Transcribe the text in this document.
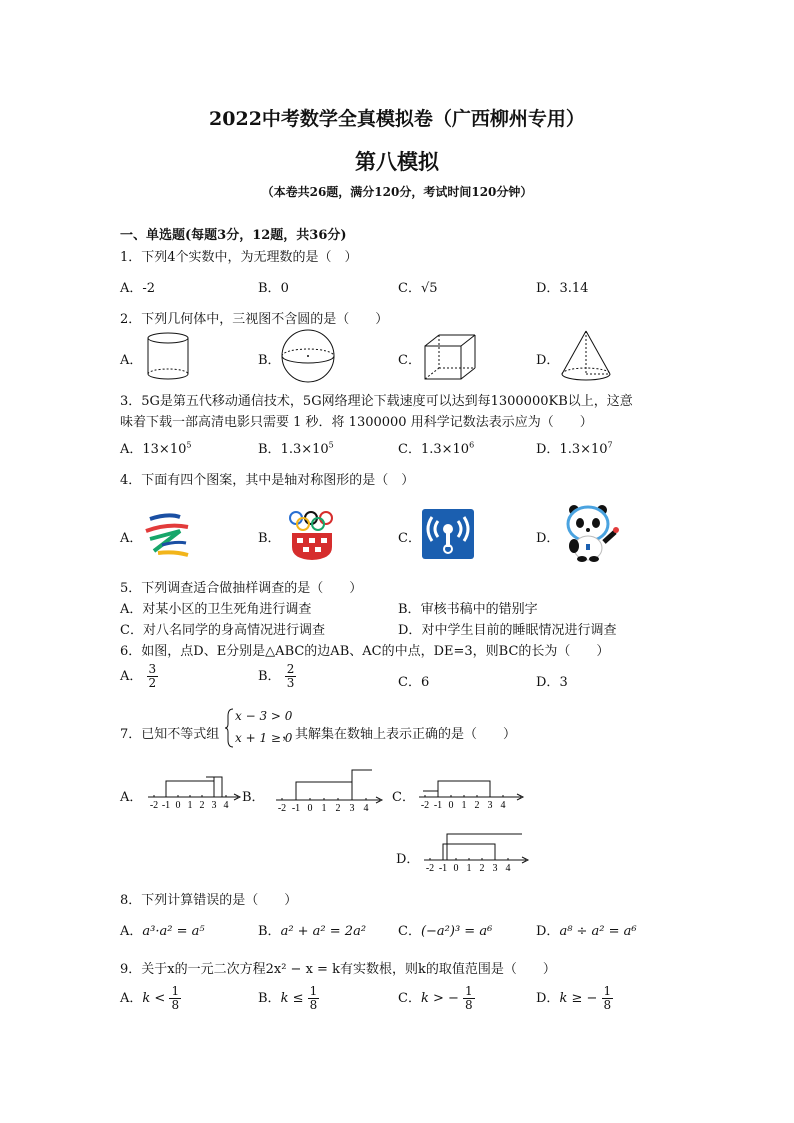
2022中考数学全真模拟卷（广西柳州专用）
第八模拟
（本卷共26题，满分120分，考试时间120分钟）
一、单选题(每题3分，12题，共36分)
1．下列4个实数中，为无理数的是（　）
A．-2	B．0	C．√5	D．3.14
2．下列几何体中，三视图不含圆的是（　　）
A．	B．	C．	D．
3．5G是第五代移动通信技术，5G网络理论下载速度可以达到每1300000KB以上，这意
味着下载一部高清电影只需要 1 秒．将 1300000 用科学记数法表示应为（　　）
A．$13\times 10^5$	B．$1.3\times 10^5$	C．$1.3\times 10^6$	D．$1.3\times 10^7$
4．下面有四个图案，其中是轴对称图形的是（　）
A．	B．	C．	D．
5．下列调查适合做抽样调查的是（　　）
A．对某小区的卫生死角进行调查	B．审核书稿中的错别字
C．对八名同学的身高情况进行调查	D．对中学生目前的睡眠情况进行调查
6．如图，点D、E分别是△ABC的边AB、AC的中点，DE=3，则BC的长为（　　）
A． $\frac{3}{2}$	B． $\frac{2}{3}$	C．6	D．3
7．已知不等式组
x − 3 > 0
x + 1 ≥ 0
，其解集在数轴上表示正确的是（　　）
A．
-2 -1 0 1 2 3 4
B．
-2 -1 0 1 2 3 4
C．
-2 -1 0 1 2 3 4
D．
-2 -1 0 1 2 3 4
8．下列计算错误的是（　　）
A．a³·a² = a⁵	B．a² + a² = 2a² C．(−a²)³ = a⁶	D．a⁸ ÷ a² = a⁶
9．关于x的一元二次方程2x² − x = k有实数根，则k的取值范围是（　　）
A．$k < \frac{1}{8}$	B．$k \le \frac{1}{8}$	C．k > − $\frac{1}{8}$	D．k ≥ − $\frac{1}{8}$
